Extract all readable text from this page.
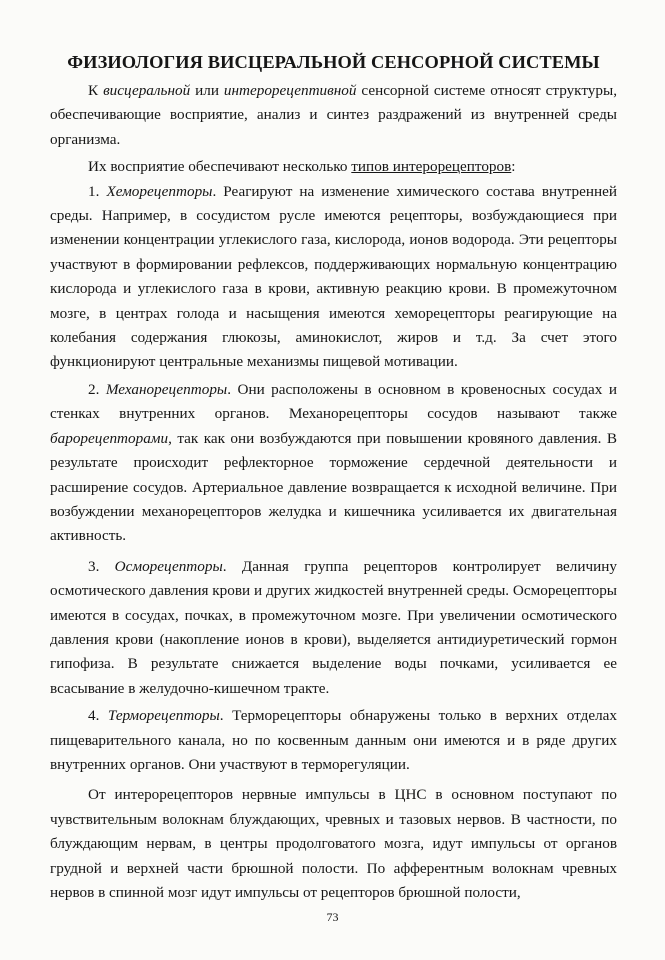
ФИЗИОЛОГИЯ ВИСЦЕРАЛЬНОЙ СЕНСОРНОЙ СИСТЕМЫ

К висцеральной или интерорецептивной сенсорной системе относят структуры, обеспечивающие восприятие, анализ и синтез раздражений из внутренней среды организма.

Их восприятие обеспечивают несколько типов интерорецепторов:

1. Хеморецепторы. Реагируют на изменение химического состава внутренней среды. Например, в сосудистом русле имеются рецепторы, возбуждающиеся при изменении концентрации углекислого газа, кислорода, ионов водорода. Эти рецепторы участвуют в формировании рефлексов, поддерживающих нормальную концентрацию кислорода и углекислого газа в крови, активную реакцию крови. В промежуточном мозге, в центрах голода и насыщения имеются хеморецепторы реагирующие на колебания содержания глюкозы, аминокислот, жиров и т.д. За счет этого функционируют центральные механизмы пищевой мотивации.

2. Механорецепторы. Они расположены в основном в кровеносных сосудах и стенках внутренних органов. Механорецепторы сосудов называют также барорецепторами, так как они возбуждаются при повышении кровяного давления. В результате происходит рефлекторное торможение сердечной деятельности и расширение сосудов. Артериальное давление возвращается к исходной величине. При возбуждении механорецепторов желудка и кишечника усиливается их двигательная активность.

3. Осморецепторы. Данная группа рецепторов контролирует величину осмотического давления крови и других жидкостей внутренней среды. Осморецепторы имеются в сосудах, почках, в промежуточном мозге. При увеличении осмотического давления крови (накопление ионов в крови), выделяется антидиуретический гормон гипофиза. В результате снижается выделение воды почками, усиливается ее всасывание в желудочно-кишечном тракте.

4. Терморецепторы. Терморецепторы обнаружены только в верхних отделах пищеварительного канала, но по косвенным данным они имеются и в ряде других внутренних органов. Они участвуют в терморегуляции.

От интерорецепторов нервные импульсы в ЦНС в основном поступают по чувствительным волокнам блуждающих, чревных и тазовых нервов. В частности, по блуждающим нервам, в центры продолговатого мозга, идут импульсы от органов грудной и верхней части брюшной полости. По афферентным волокнам чревных нервов в спинной мозг идут импульсы от рецепторов брюшной полости,

73
